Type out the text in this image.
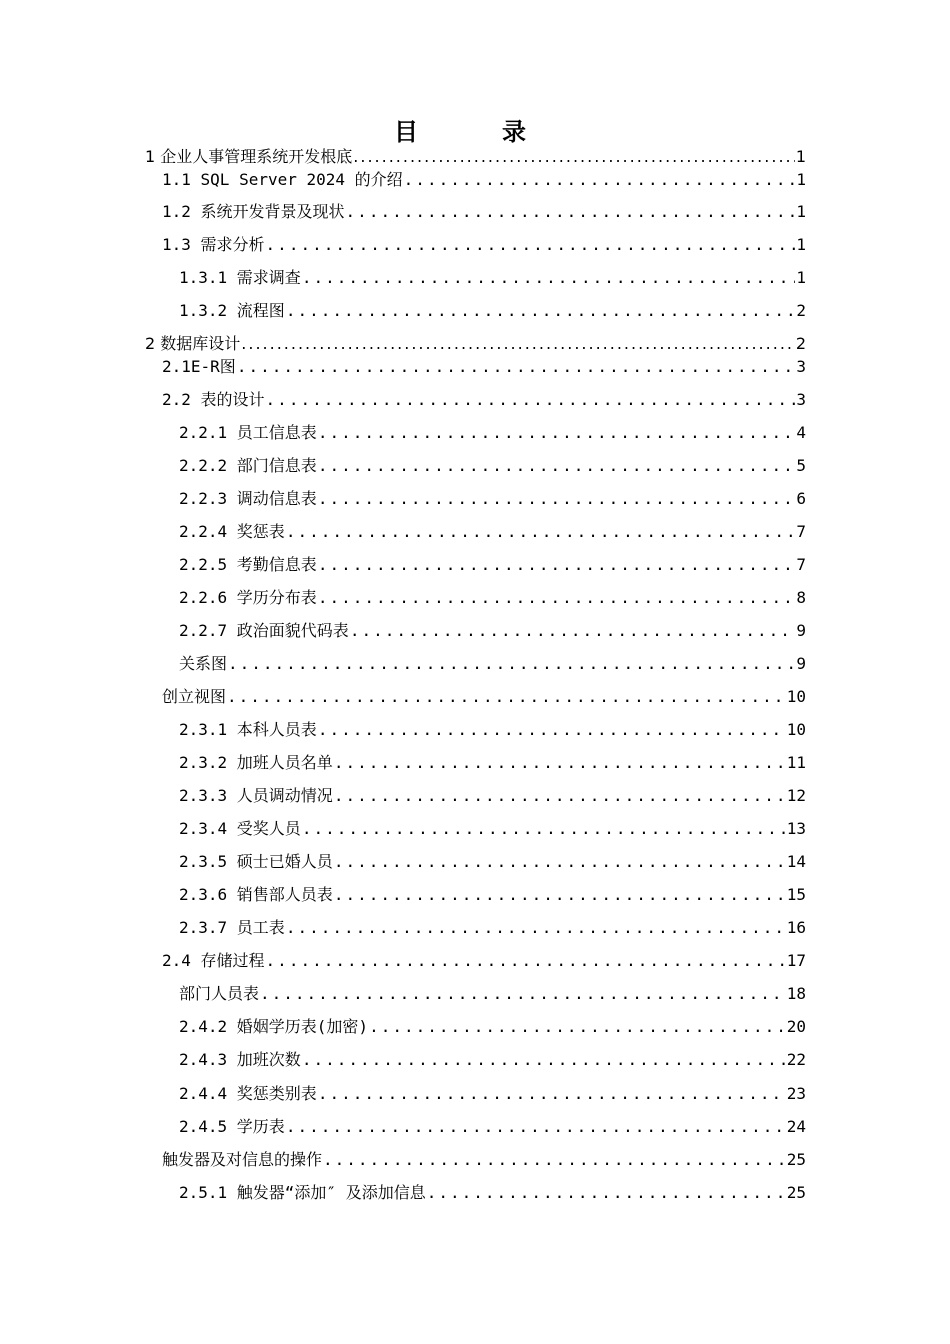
目　录
1 企业人事管理系统开发根底 .....	1
1.1 SQL Server 2024 的介绍 .....	1
1.2 系统开发背景及现状 .....	1
1.3 需求分析 .....	1
1.3.1 需求调查 .....	1
1.3.2 流程图 .....	2
2 数据库设计 .....	2
2.1E-R图 .....	3
2.2 表的设计 .....	3
2.2.1 员工信息表 .....	4
2.2.2 部门信息表 .....	5
2.2.3 调动信息表 .....	6
2.2.4 奖惩表 .....	7
2.2.5 考勤信息表 .....	7
2.2.6 学历分布表 .....	8
2.2.7 政治面貌代码表 .....	9
关系图 .....	9
创立视图 .....	10
2.3.1 本科人员表 .....	10
2.3.2 加班人员名单 .....	11
2.3.3 人员调动情况 .....	12
2.3.4 受奖人员 .....	13
2.3.5 硕士已婚人员 .....	14
2.3.6 销售部人员表 .....	15
2.3.7 员工表 .....	16
2.4 存储过程 .....	17
部门人员表 .....	18
2.4.2 婚姻学历表(加密) .....	20
2.4.3 加班次数 .....	22
2.4.4 奖惩类别表 .....	23
2.4.5 学历表 .....	24
触发器及对信息的操作 .....	25
2.5.1 触发器“添加″ 及添加信息 .....	25
